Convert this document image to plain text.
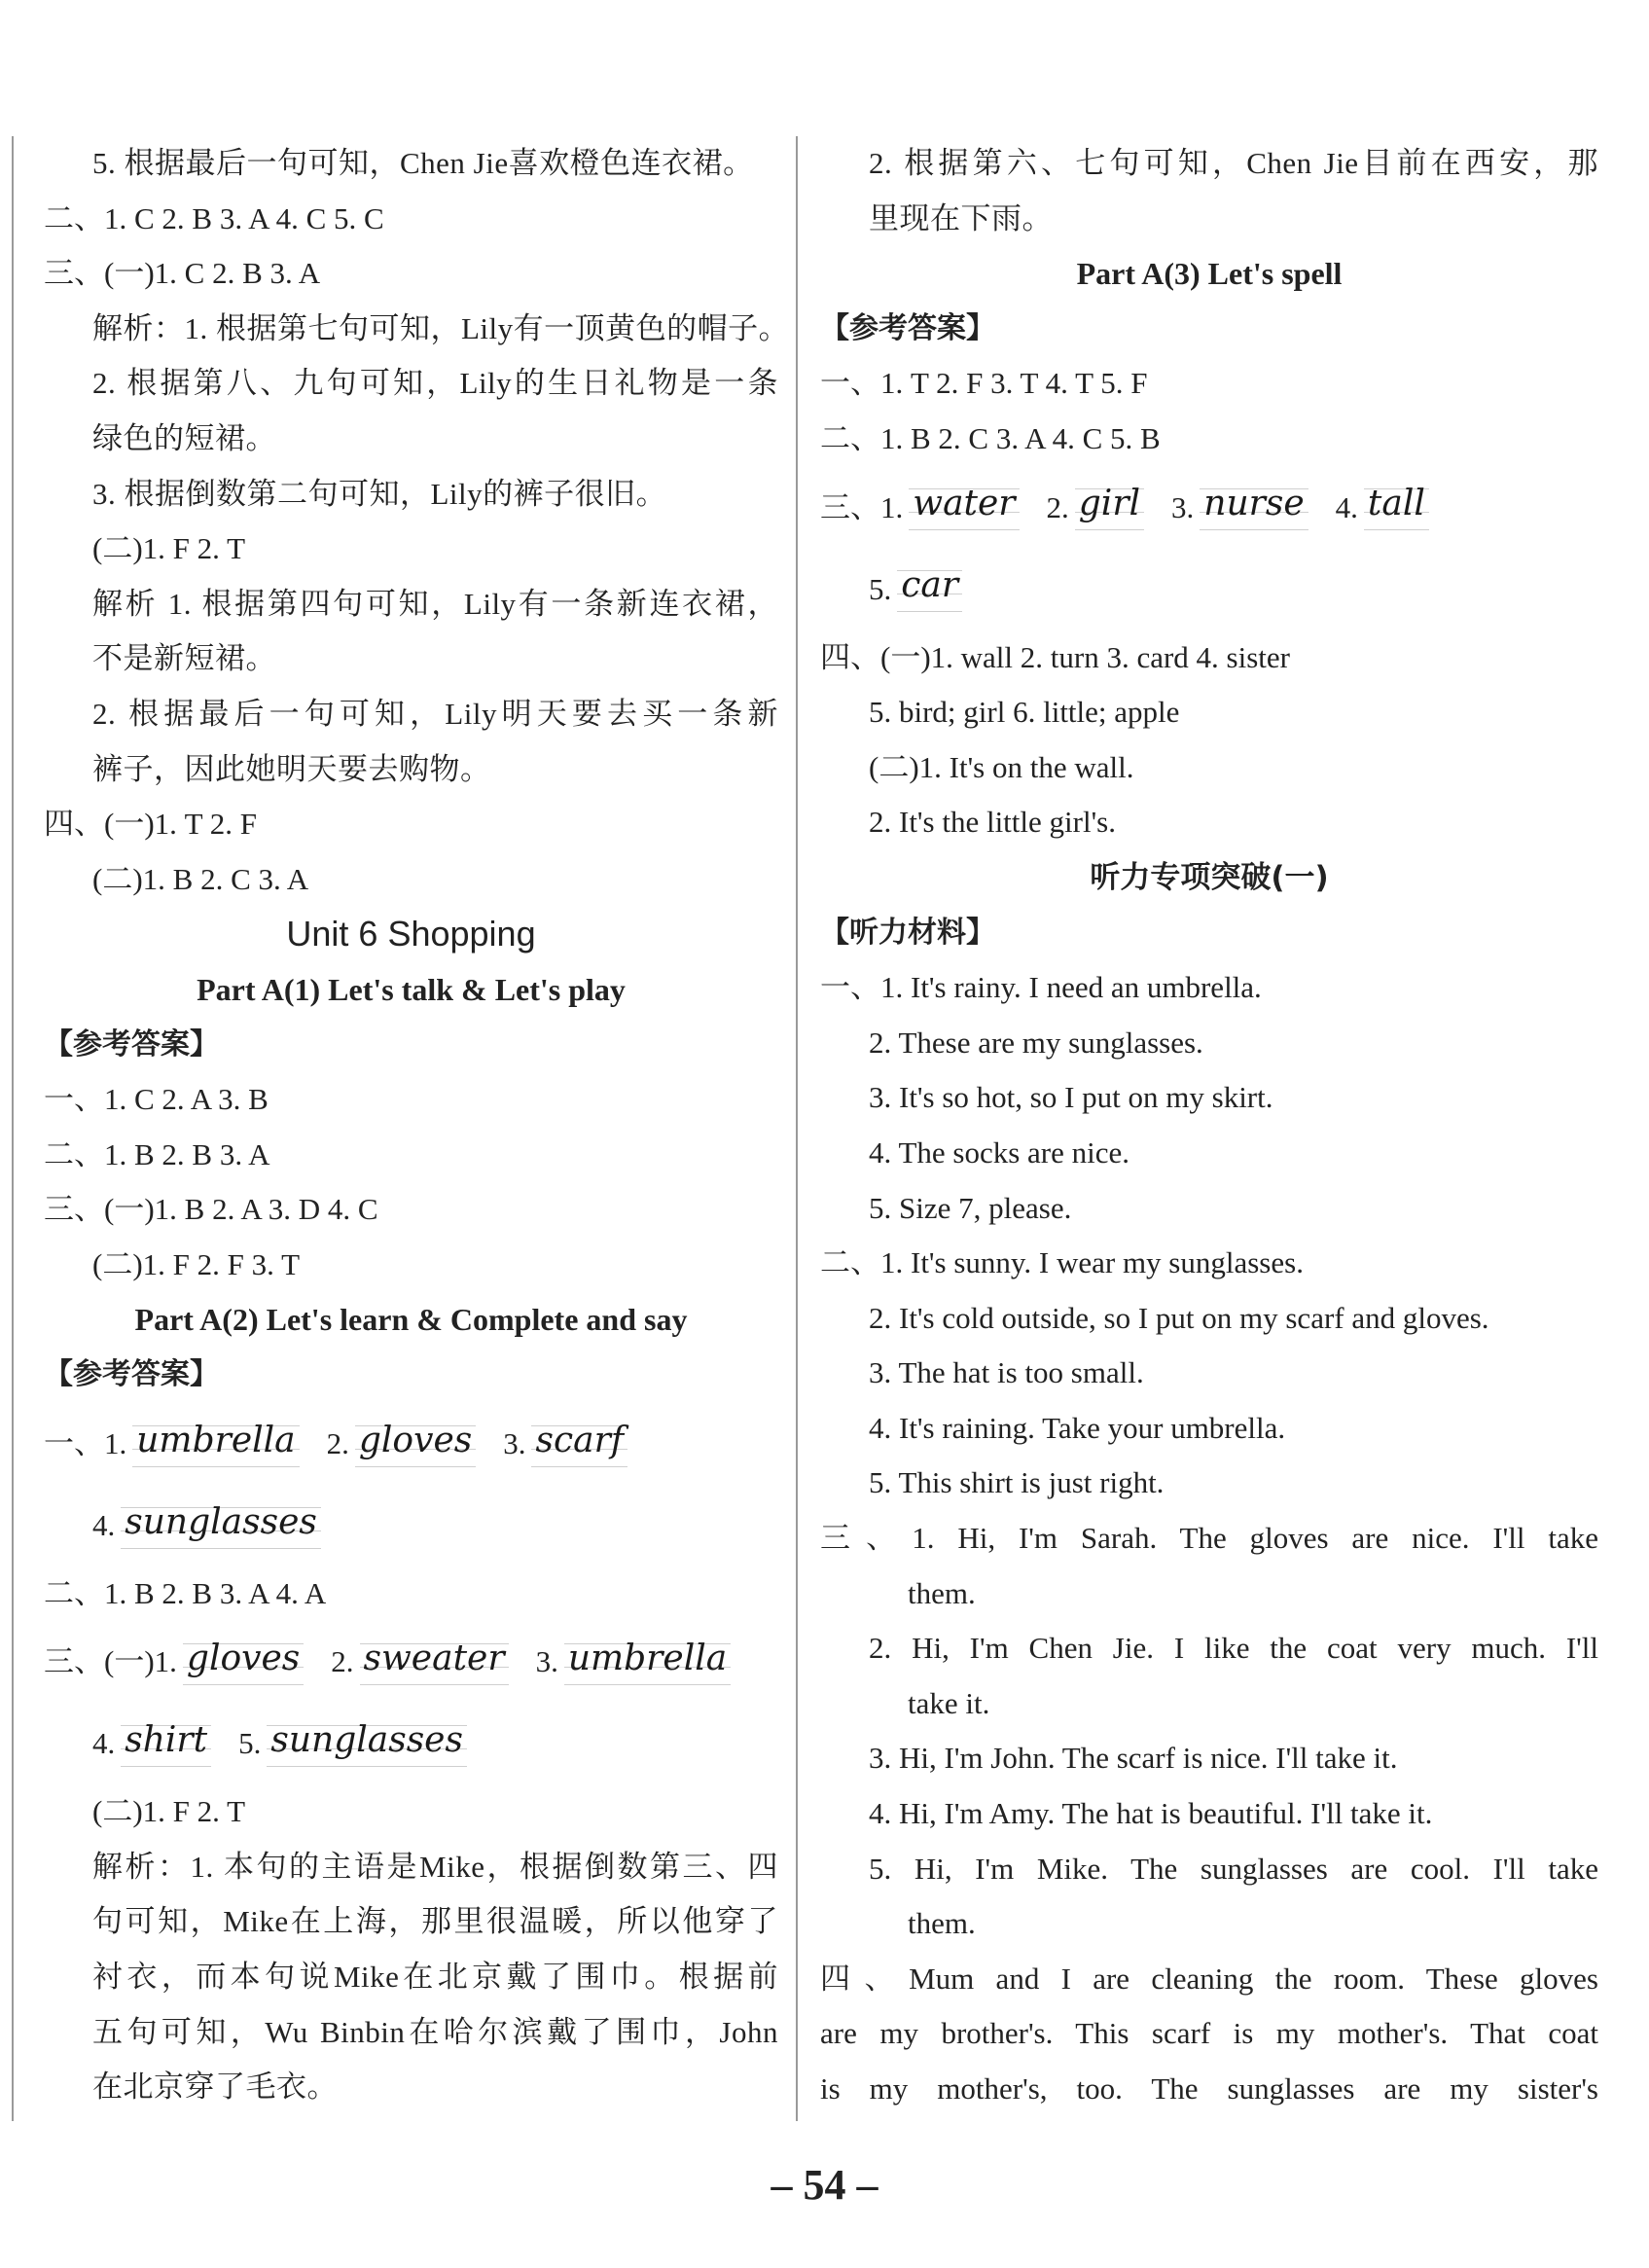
5. 根据最后一句可知，Chen Jie喜欢橙色连衣裙。
二、1. C 2. B 3. A 4. C 5. C
三、(一)1. C 2. B 3. A
解析：1. 根据第七句可知，Lily有一顶黄色的帽子。
2. 根据第八、九句可知，Lily的生日礼物是一条
绿色的短裙。
3. 根据倒数第二句可知，Lily的裤子很旧。
(二)1. F 2. T
解析 1. 根据第四句可知，Lily有一条新连衣裙，
不是新短裙。
2. 根据最后一句可知，Lily明天要去买一条新
裤子，因此她明天要去购物。
四、(一)1. T 2. F
(二)1. B 2. C 3. A
Unit 6 Shopping
Part A(1) Let's talk & Let's play
【参考答案】
一、1. C 2. A 3. B
二、1. B 2. B 3. A
三、(一)1. B 2. A 3. D 4. C
(二)1. F 2. F 3. T
Part A(2) Let's learn & Complete and say
【参考答案】
一、1. umbrella 2. gloves 3. scarf
4. sunglasses
二、1. B 2. B 3. A 4. A
三、(一)1. gloves 2. sweater 3. umbrella
4. shirt 5. sunglasses
(二)1. F 2. T
解析：1. 本句的主语是Mike，根据倒数第三、四
句可知，Mike在上海，那里很温暖，所以他穿了
衬衣，而本句说Mike在北京戴了围巾。根据前
五句可知，Wu Binbin在哈尔滨戴了围巾，John
在北京穿了毛衣。
2. 根据第六、七句可知，Chen Jie目前在西安，那
里现在下雨。
Part A(3) Let's spell
【参考答案】
一、1. T 2. F 3. T 4. T 5. F
二、1. B 2. C 3. A 4. C 5. B
三、1. water 2. girl 3. nurse 4. tall
5. car
四、(一)1. wall 2. turn 3. card 4. sister
5. bird; girl 6. little; apple
(二)1. It's on the wall.
2. It's the little girl's.
听力专项突破(一)
【听力材料】
一、1. It's rainy. I need an umbrella.
2. These are my sunglasses.
3. It's so hot, so I put on my skirt.
4. The socks are nice.
5. Size 7, please.
二、1. It's sunny. I wear my sunglasses.
2. It's cold outside, so I put on my scarf and gloves.
3. The hat is too small.
4. It's raining. Take your umbrella.
5. This shirt is just right.
三、1. Hi, I'm Sarah. The gloves are nice. I'll take
them.
2. Hi, I'm Chen Jie. I like the coat very much. I'll
take it.
3. Hi, I'm John. The scarf is nice. I'll take it.
4. Hi, I'm Amy. The hat is beautiful. I'll take it.
5. Hi, I'm Mike. The sunglasses are cool. I'll take
them.
四、Mum and I are cleaning the room. These gloves
are my brother's. This scarf is my mother's. That coat
is my mother's, too. The sunglasses are my sister's
– 54 –
